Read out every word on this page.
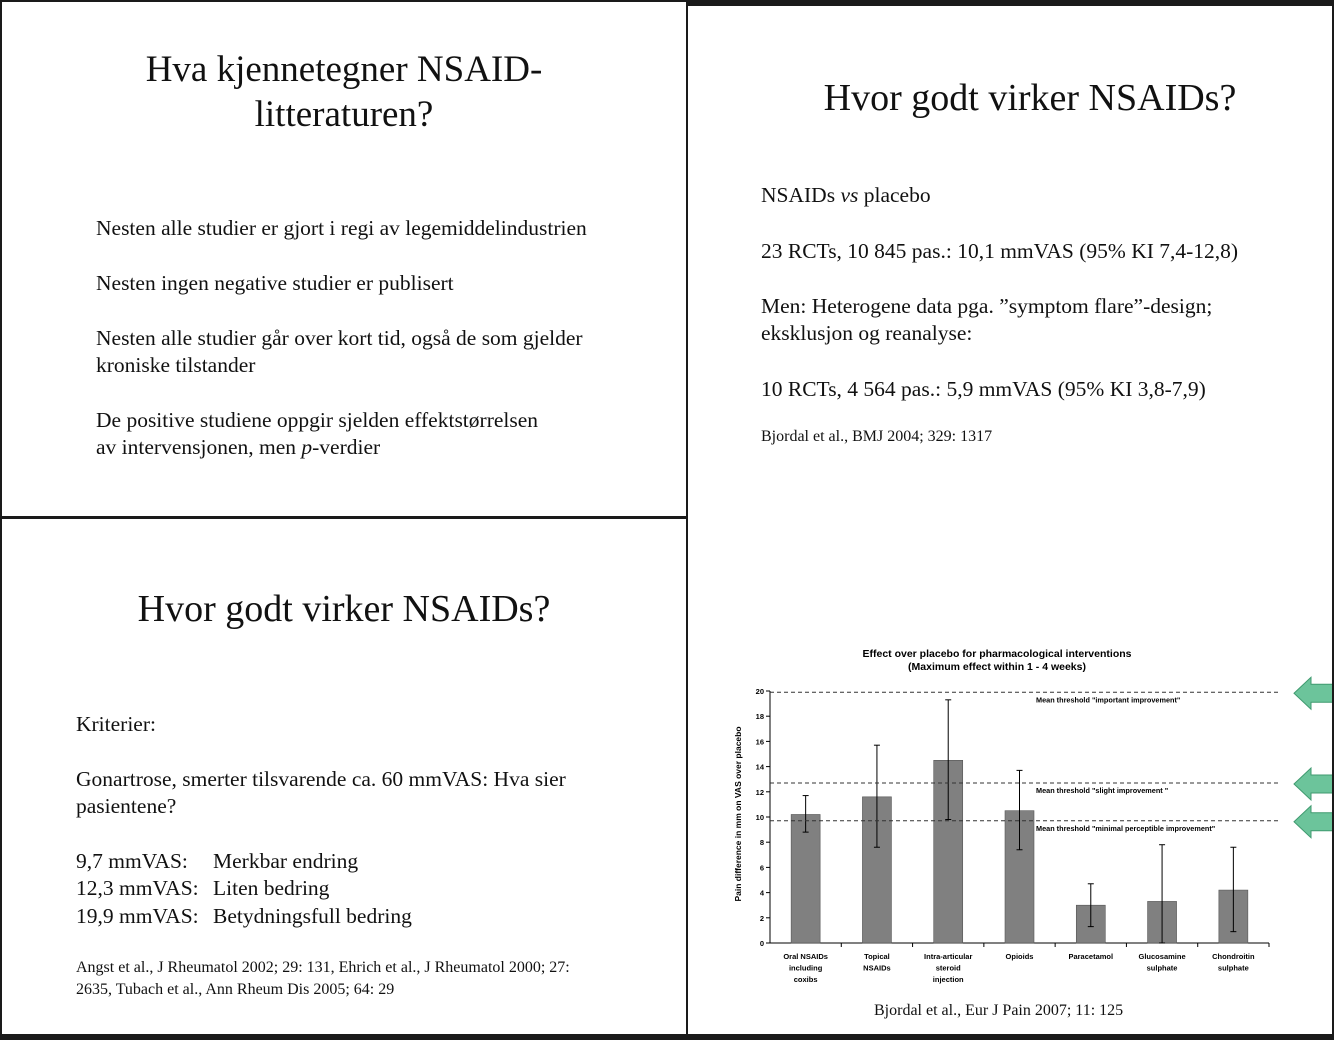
Hva kjennetegner NSAID-
litteraturen?
Nesten alle studier er gjort i regi av legemiddelindustrien
Nesten ingen negative studier er publisert
Nesten alle studier går over kort tid, også de som gjelder
kroniske tilstander
De positive studiene oppgir sjelden effektstørrelsen
av intervensjonen, men p-verdier
Hvor godt virker NSAIDs?
NSAIDs vs placebo
23 RCTs, 10 845 pas.: 10,1 mmVAS (95% KI 7,4-12,8)
Men: Heterogene data pga. ”symptom flare”-design;
eksklusjon og reanalyse:
10 RCTs, 4 564 pas.: 5,9 mmVAS (95% KI 3,8-7,9)
Bjordal et al., BMJ 2004; 329: 1317
Effect over placebo for pharmacological interventions
(Maximum effect within 1 - 4 weeks)
Pain difference in mm on VAS over placebo
0
2
4
6
8
10
12
14
16
18
20
Oral NSAIDs
including
coxibs
Topical
NSAIDs
Intra-articular
steroid
injection
Opioids	Paracetamol	Glucosamine
sulphate
Chondroitin
sulphate
Mean threshold "important improvement"
Mean threshold "slight improvement "
Mean threshold "minimal perceptible improvement"
Bjordal et al., Eur J Pain 2007; 11: 125
Hvor godt virker NSAIDs?
Kriterier:
Gonartrose, smerter tilsvarende ca. 60 mmVAS: Hva sier
pasientene?
9,7 mmVAS: Merkbar endring
12,3 mmVAS: Liten bedring
19,9 mmVAS: Betydningsfull bedring
Angst et al., J Rheumatol 2002; 29: 131, Ehrich et al., J Rheumatol 2000; 27:
2635, Tubach et al., Ann Rheum Dis 2005; 64: 29
